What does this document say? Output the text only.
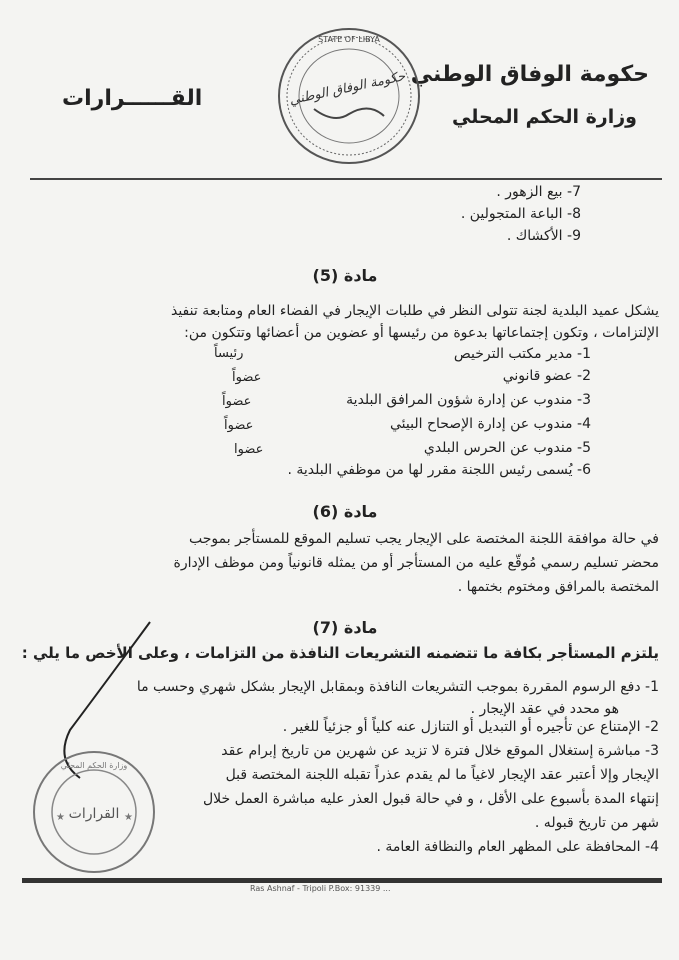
حكومة الوفاق الوطني
وزارة الحكم المحلي
القــــــرارات
STATE OF LIBYA
حكومة الوفاق الوطني
7- بيع الزهور .
8- الباعة المتجولين .
9- الأكشاك .
مادة (5)
يشكل عميد البلدية لجنة تتولى النظر في طلبات الإيجار في الفضاء العام ومتابعة تنفيذ
الإلتزامات ، وتكون إجتماعاتها بدعوة من رئيسها أو عضوين من أعضائها وتتكون من:
1- مدير مكتب الترخيص
رئيساً
2- عضو قانوني
عضواً
3- مندوب عن إدارة شؤون المرافق البلدية
عضواً
4- مندوب عن إدارة الإصحاح البيئي
عضواً
5- مندوب عن الحرس البلدي
عضوا
6- يُسمى رئيس اللجنة مقرر لها من موظفي البلدية .
مادة (6)
في حالة موافقة اللجنة المختصة على الإيجار يجب تسليم الموقع للمستأجر بموجب
محضر تسليم رسمي مُوقّع عليه من المستأجر أو من يمثله قانونياً ومن موظف الإدارة
المختصة بالمرافق ومختوم بختمها .
مادة (7)
يلتزم المستأجر بكافة ما تتضمنه التشريعات النافذة من التزامات ، وعلى الأخص ما يلي :
1- دفع الرسوم المقررة بموجب التشريعات النافذة وبمقابل الإيجار بشكل شهري وحسب ما
هو محدد في عقد الإيجار .
2- الإمتناع عن تأجيره أو التبديل أو التنازل عنه كلياً أو جزئياً للغير .
3- مباشرة إستغلال الموقع خلال فترة لا تزيد عن شهرين من تاريخ إبرام عقد
الإيجار وإلا أعتبر عقد الإيجار لاغياً ما لم يقدم عذراً تقبله اللجنة المختصة قبل
إنتهاء المدة بأسبوع على الأقل ، و في حالة قبول العذر عليه مباشرة العمل خلال
شهر من تاريخ قبوله .
4- المحافظة على المظهر العام والنظافة العامة .
القرارات
وزارة الحكم المحلي
★	★
Ras Ashnaf - Tripoli P.Box: 91339 ...
